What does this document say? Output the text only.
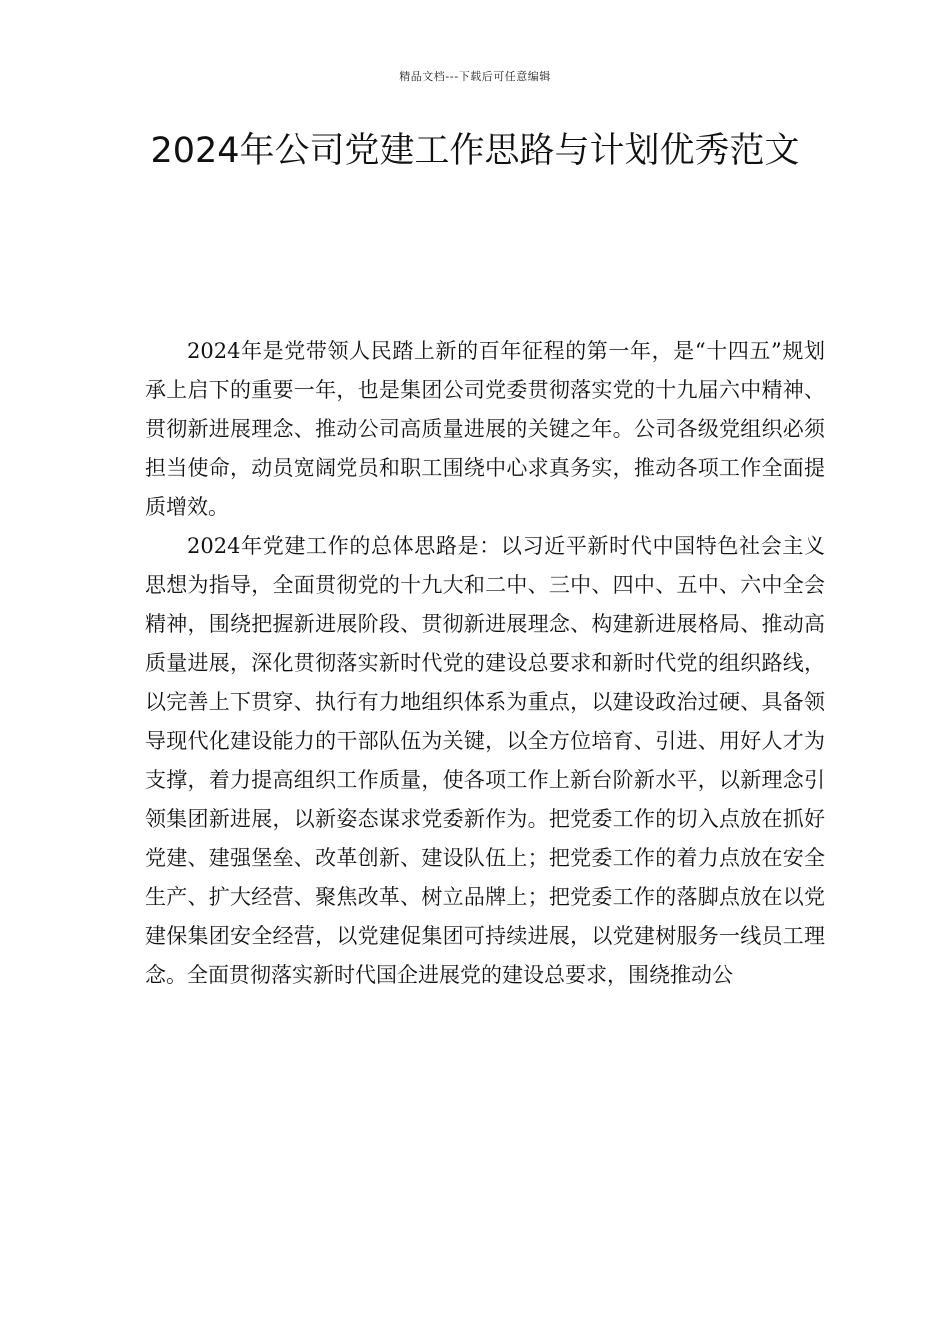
精品文档---下载后可任意编辑
2024年公司党建工作思路与计划优秀范文

2024年是党带领人民踏上新的百年征程的第一年，是“十四五”规划承上启下的重要一年，也是集团公司党委贯彻落实党的十九届六中精神、贯彻新进展理念、推动公司高质量进展的关键之年。公司各级党组织必须担当使命，动员宽阔党员和职工围绕中心求真务实，推动各项工作全面提质增效。

2024年党建工作的总体思路是：以习近平新时代中国特色社会主义思想为指导，全面贯彻党的十九大和二中、三中、四中、五中、六中全会精神，围绕把握新进展阶段、贯彻新进展理念、构建新进展格局、推动高质量进展，深化贯彻落实新时代党的建设总要求和新时代党的组织路线，以完善上下贯穿、执行有力地组织体系为重点，以建设政治过硬、具备领导现代化建设能力的干部队伍为关键，以全方位培育、引进、用好人才为支撑，着力提高组织工作质量，使各项工作上新台阶新水平，以新理念引领集团新进展，以新姿态谋求党委新作为。把党委工作的切入点放在抓好党建、建强堡垒、改革创新、建设队伍上；把党委工作的着力点放在安全生产、扩大经营、聚焦改革、树立品牌上；把党委工作的落脚点放在以党建保集团安全经营，以党建促集团可持续进展，以党建树服务一线员工理念。全面贯彻落实新时代国企进展党的建设总要求，围绕推动公
